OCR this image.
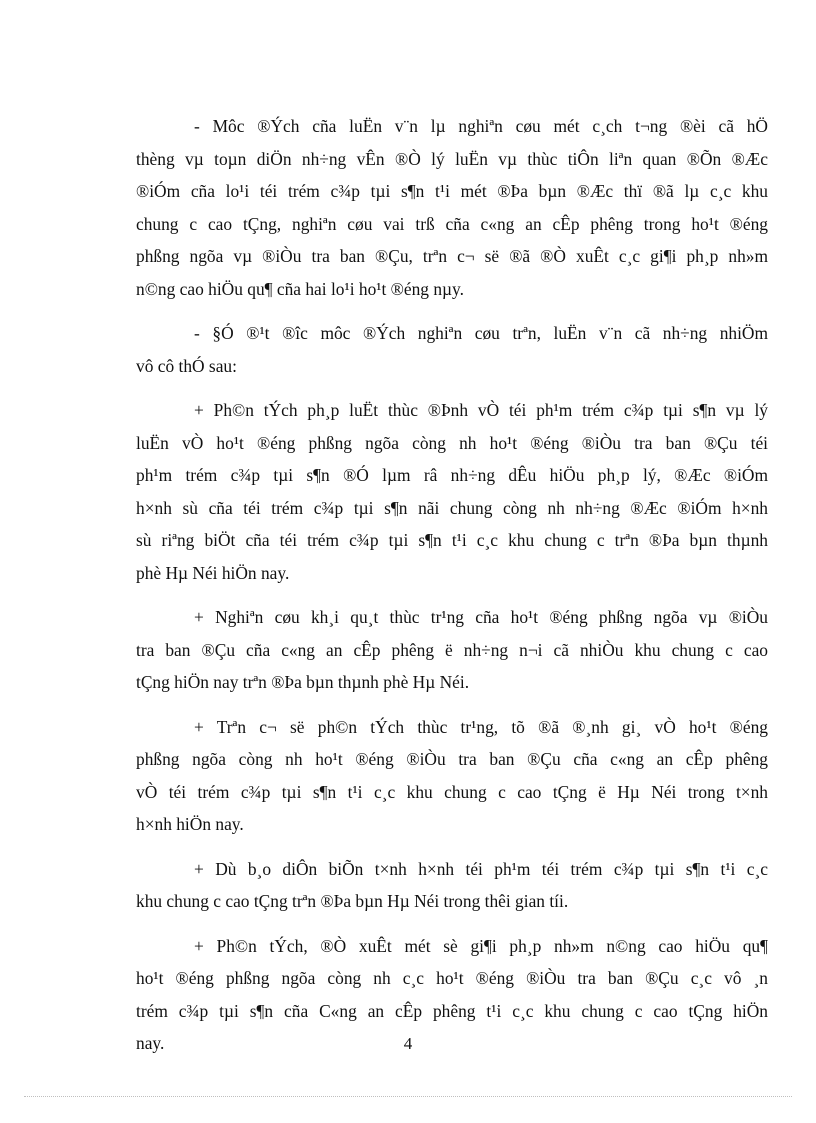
- Môc ®Ých cña luËn v¨n lµ nghiªn cøu mét c¸ch t¬ng ®èi cã hÖ
thèng vµ toµn diÖn nh÷ng vÊn ®Ò lý luËn vµ thùc tiÔn liªn quan ®Õn ®Æc
®iÓm cña lo¹i téi trém c¾p tµi s¶n t¹i mét ®Þa bµn ®Æc thï ®ã lµ c¸c khu
chung c cao tÇng, nghiªn cøu vai trß cña c«ng an cÊp phêng trong ho¹t ®éng
phßng ngõa vµ ®iÒu tra ban ®Çu, trªn c¬ së ®ã ®Ò xuÊt c¸c gi¶i ph¸p nh»m
n©ng cao hiÖu qu¶ cña hai lo¹i ho¹t ®éng nµy.

- §Ó ®¹t ®îc môc ®Ých nghiªn cøu trªn, luËn v¨n cã nh÷ng nhiÖm
vô cô thÓ sau:

+ Ph©n tÝch ph¸p luËt thùc ®Þnh vÒ téi ph¹m trém c¾p tµi s¶n vµ lý
luËn vÒ ho¹t ®éng phßng ngõa còng nh ho¹t ®éng ®iÒu tra ban ®Çu téi
ph¹m trém c¾p tµi s¶n ®Ó lµm râ nh÷ng dÊu hiÖu ph¸p lý, ®Æc ®iÓm
h×nh sù cña téi trém c¾p tµi s¶n nãi chung còng nh nh÷ng ®Æc ®iÓm h×nh
sù riªng biÖt cña téi trém c¾p tµi s¶n t¹i c¸c khu chung c trªn ®Þa bµn thµnh
phè Hµ Néi hiÖn nay.

+ Nghiªn cøu kh¸i qu¸t thùc tr¹ng cña ho¹t ®éng phßng ngõa vµ ®iÒu
tra ban ®Çu cña c«ng an cÊp phêng ë nh÷ng n¬i cã nhiÒu khu chung c cao
tÇng hiÖn nay trªn ®Þa bµn thµnh phè Hµ Néi.

+ Trªn c¬ së ph©n tÝch thùc tr¹ng, tõ ®ã ®¸nh gi¸ vÒ ho¹t ®éng
phßng ngõa còng nh ho¹t ®éng ®iÒu tra ban ®Çu cña c«ng an cÊp phêng
vÒ téi trém c¾p tµi s¶n t¹i c¸c khu chung c cao tÇng ë Hµ Néi trong t×nh
h×nh hiÖn nay.

+ Dù b¸o diÔn biÕn t×nh h×nh téi ph¹m téi trém c¾p tµi s¶n t¹i c¸c
khu chung c cao tÇng trªn ®Þa bµn Hµ Néi trong thêi gian tíi.

+ Ph©n tÝch, ®Ò xuÊt mét sè gi¶i ph¸p nh»m n©ng cao hiÖu qu¶
ho¹t ®éng phßng ngõa còng nh c¸c ho¹t ®éng ®iÒu tra ban ®Çu c¸c vô ¸n
trém c¾p tµi s¶n cña C«ng an cÊp phêng t¹i c¸c khu chung c cao tÇng hiÖn
nay.	4
